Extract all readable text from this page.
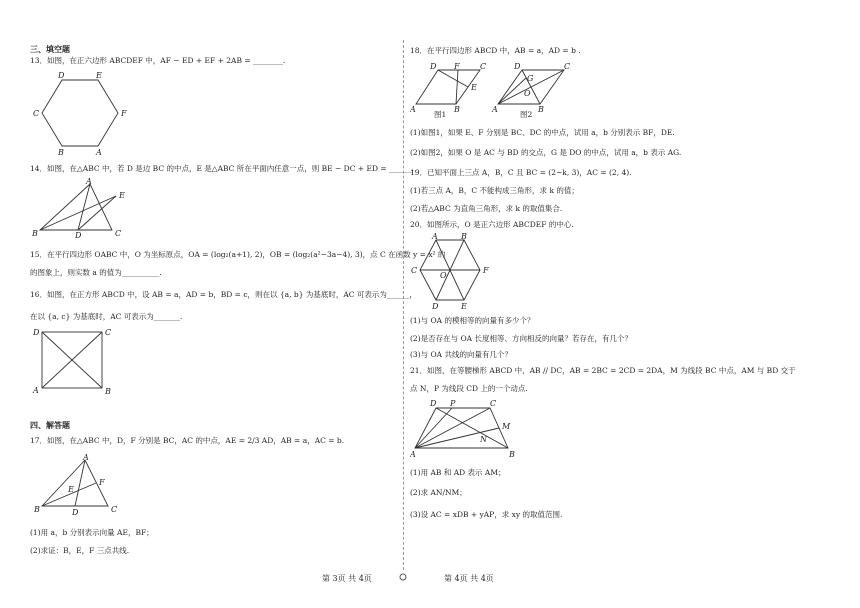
三、填空题
13．如图，在正六边形 ABCDEF 中，AF − ED + EF + 2AB = ________.
D	E
C	F
B	A
14．如图，在△ABC 中，若 D 是边 BC 的中点，E 是△ABC 所在平面内任意一点，则 BE − DC + ED = ______.
A
E
B	D	C
15．在平行四边形 OABC 中，O 为坐标原点，OA = (log₂(a+1), 2)，OB = (log₂(a²−3a−4), 3)，点 C 在函数 y = x² 的
的图象上，则实数 a 的值为__________.
16．如图，在正方形 ABCD 中，设 AB = a，AD = b，BD = c，则在以 {a, b} 为基底时，AC 可表示为______，
在以 {a, c} 为基底时，AC 可表示为_______.
D	C
A	B
四、解答题
17．如图，在△ABC 中，D，F 分别是 BC，AC 的中点，AE = 2/3 AD，AB = a，AC = b.
A
F
E
B	D	C
(1)用 a，b 分别表示向量 AE，BF；
(2)求证：B，E，F 三点共线.
18．在平行四边形 ABCD 中，AB = a，AD = b .
D F	C
E
A	B
D
G
C
O
A	B
图1	图2
(1)如图1，如果 E、F 分别是 BC、DC 的中点，试用 a，b 分别表示 BF，DE.
(2)如图2，如果 O 是 AC 与 BD 的交点，G 是 DO 的中点，试用 a，b 表示 AG.
19．已知平面上三点 A，B，C 且 BC = (2−k, 3)，AC = (2, 4).
(1)若三点 A，B，C 不能构成三角形，求 k 的值；
(2)若△ABC 为直角三角形，求 k 的取值集合.
20．如图所示，O 是正六边形 ABCDEF 的中心.
A	B
C	F
O
D	E
(1)与 OA 的模相等的向量有多少个？
(2)是否存在与 OA 长度相等、方向相反的向量？若存在，有几个？
(3)与 OA 共线的向量有几个？
21．如图，在等腰梯形 ABCD 中，AB // DC，AB = 2BC = 2CD = 2DA，M 为线段 BC 中点，AM 与 BD 交于
点 N，P 为线段 CD 上的一个动点.
D P	C
M
N
A	B
(1)用 AB 和 AD 表示 AM；
(2)求 AN/NM；
(3)设 AC = xDB + yAP，求 xy 的取值范围.
第 3页 共 4页	第 4页 共 4页
